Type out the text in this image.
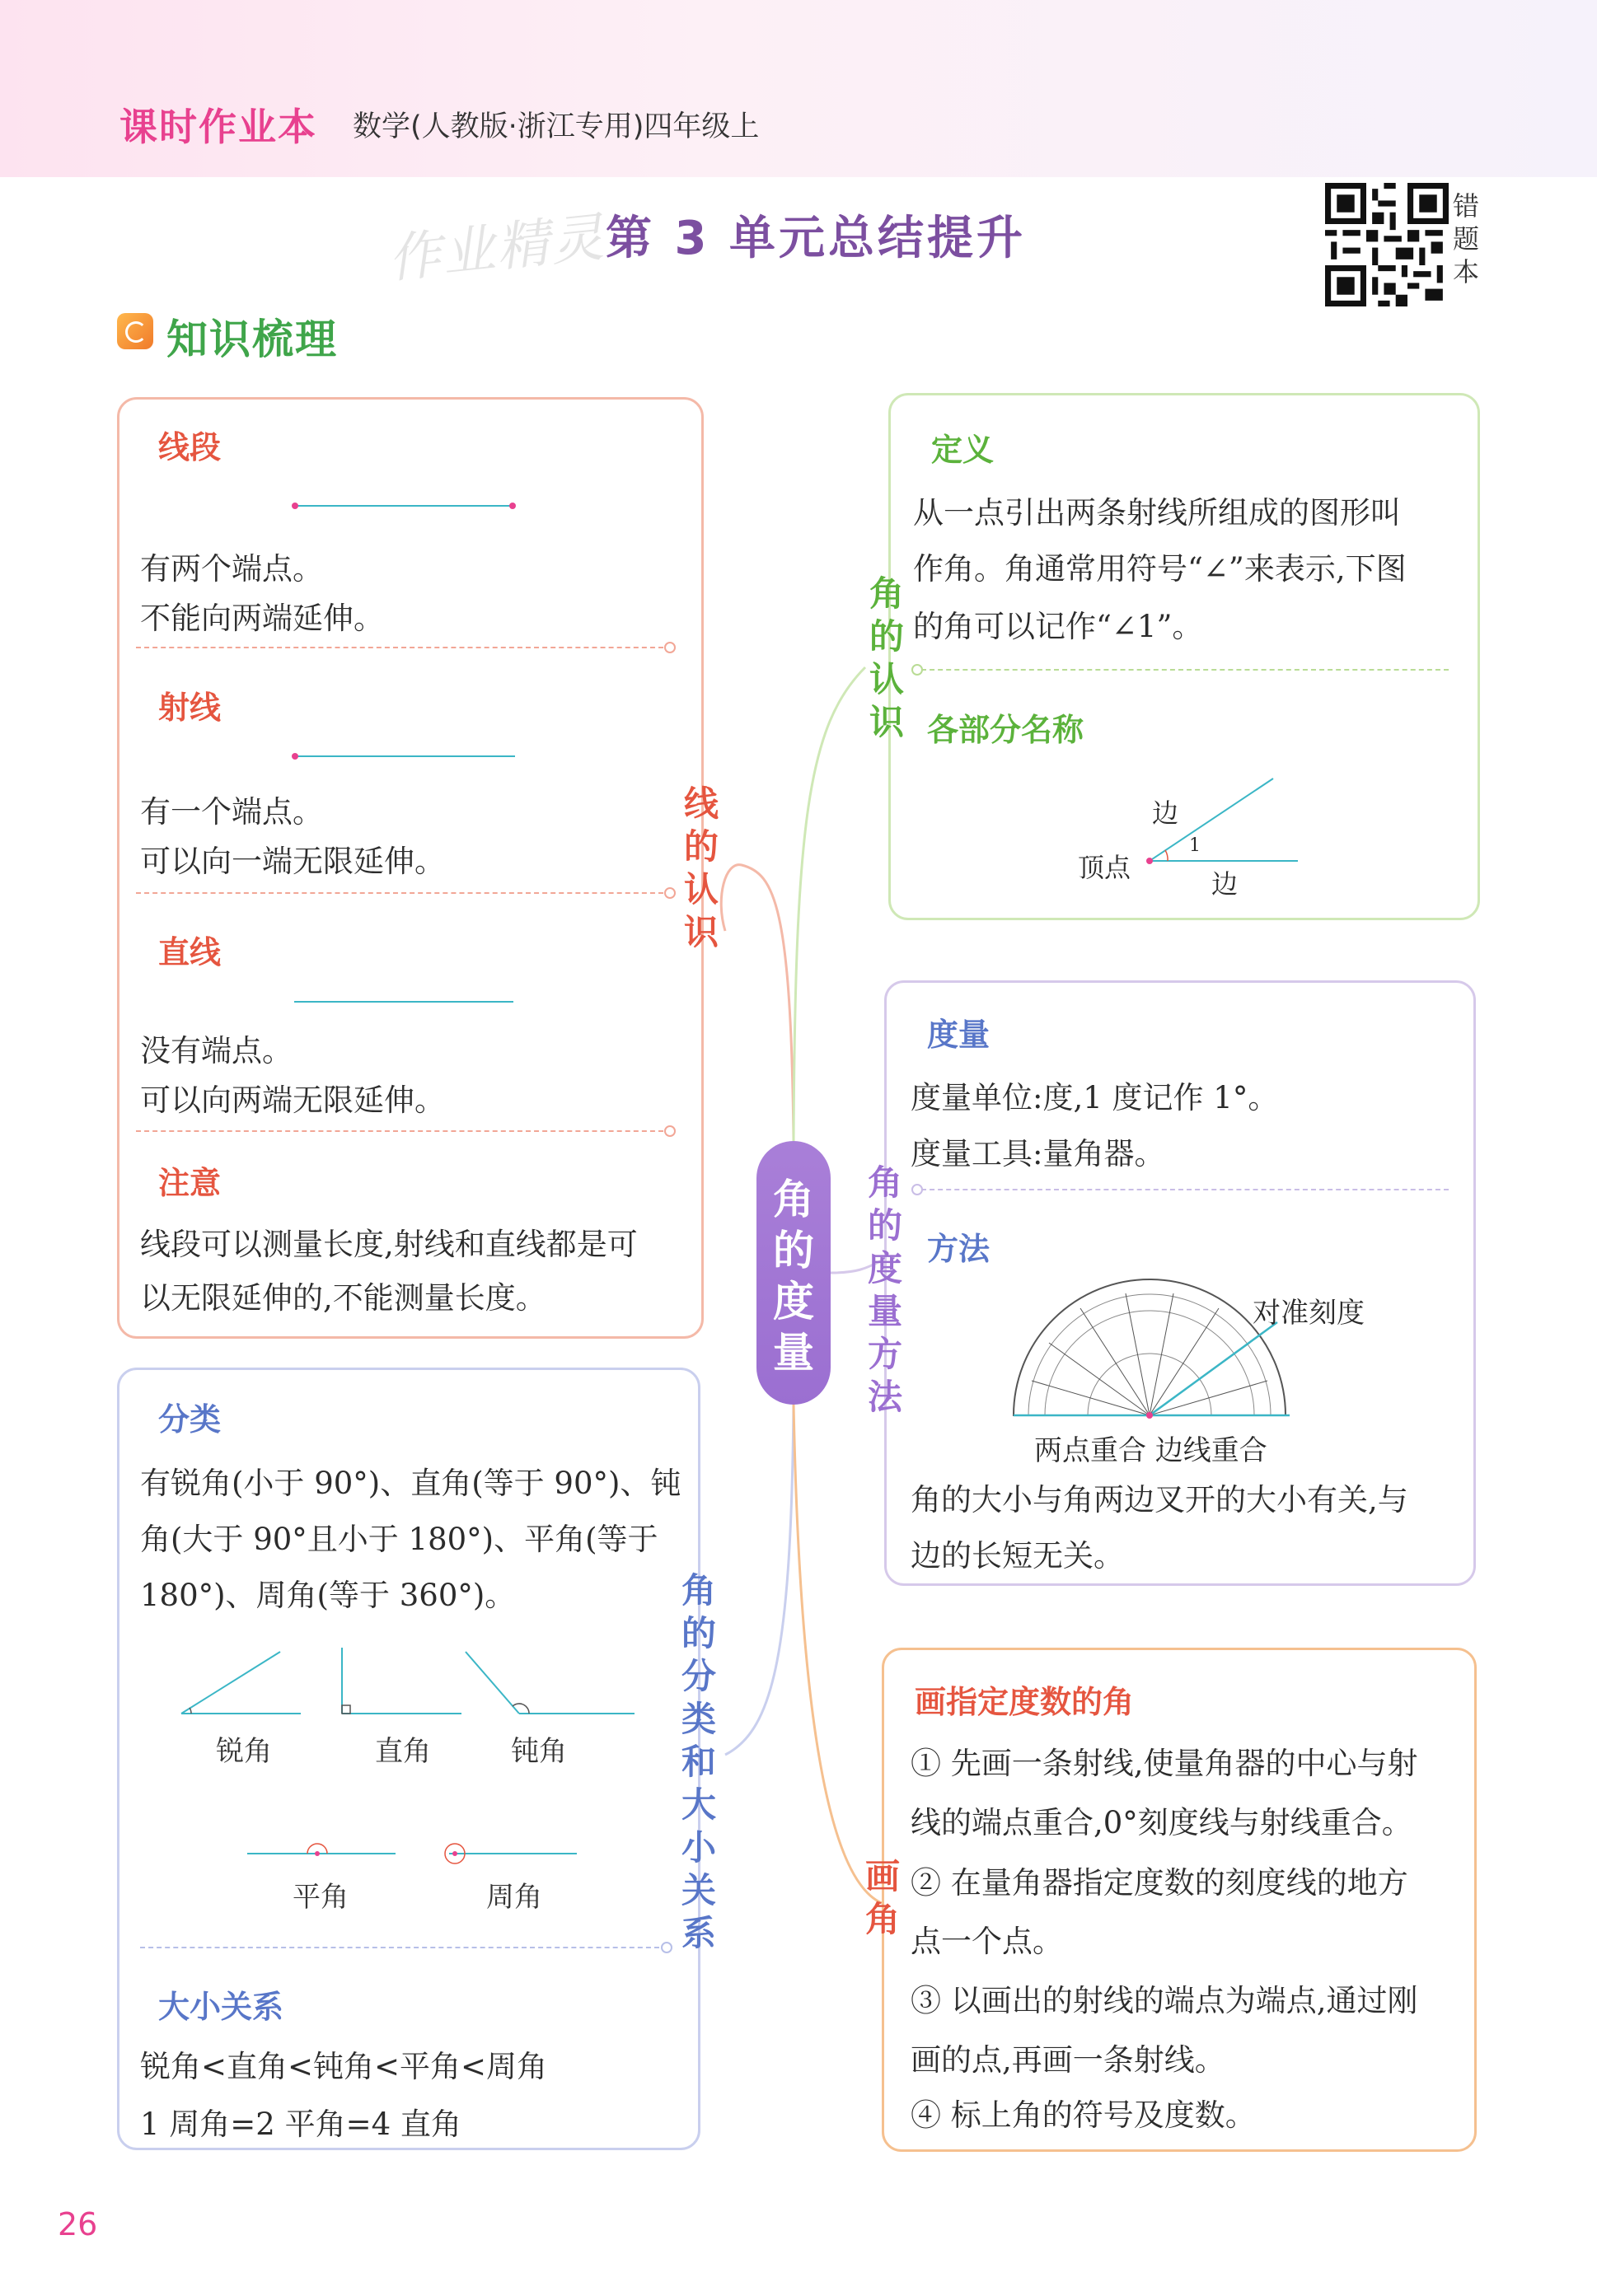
课时作业本 数学(人教版·浙江专用)四年级上
作业精灵
第 3 单元总结提升
错题本
知识梳理
线段
有两个端点。
不能向两端延伸。
射线
有一个端点。
可以向一端无限延伸。
直线
没有端点。
可以向两端无限延伸。
注意
线段可以测量长度,射线和直线都是可
以无限延伸的,不能测量长度。
线的认识
分类
有锐角(小于 90°)、直角(等于 90°)、钝
角(大于 90°且小于 180°)、平角(等于
180°)、周角(等于 360°)。
锐角	直角	钝角
平角	周角
大小关系
锐角<直角<钝角<平角<周角
1 周角=2 平角=4 直角
角的分类和大小关系
角的度量
定义
从一点引出两条射线所组成的图形叫
作角。角通常用符号“∠”来表示,下图
的角可以记作“∠1”。
各部分名称
边
1
顶点
边
角的认识
度量
度量单位:度,1 度记作 1°。
度量工具:量角器。
方法
对准刻度
两点重合 边线重合
角的大小与角两边叉开的大小有关,与
边的长短无关。
角的度量方法
画指定度数的角
① 先画一条射线,使量角器的中心与射
线的端点重合,0°刻度线与射线重合。
② 在量角器指定度数的刻度线的地方
点一个点。
③ 以画出的射线的端点为端点,通过刚
画的点,再画一条射线。
④ 标上角的符号及度数。
画角
26
